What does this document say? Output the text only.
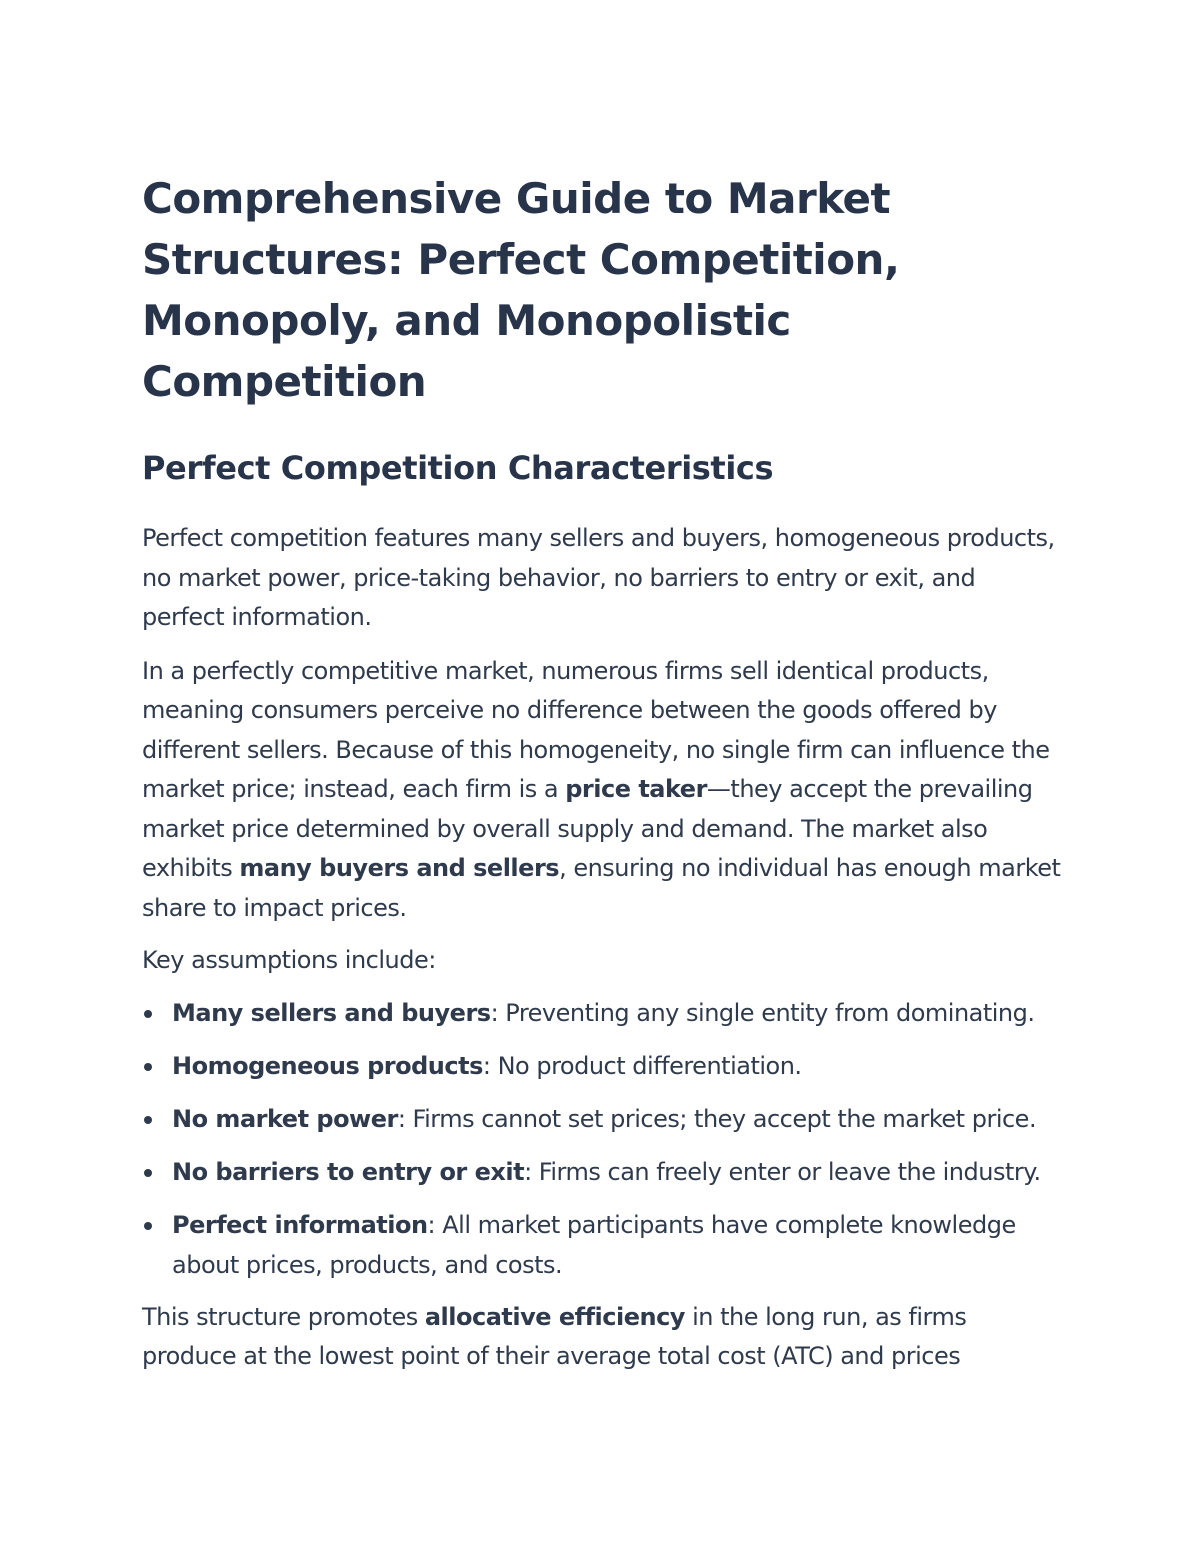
Comprehensive Guide to Market Structures: Perfect Competition, Monopoly, and Monopolistic Competition
Perfect Competition Characteristics

Perfect competition features many sellers and buyers, homogeneous products, no market power, price-taking behavior, no barriers to entry or exit, and perfect information.

In a perfectly competitive market, numerous firms sell identical products, meaning consumers perceive no difference between the goods offered by different sellers. Because of this homogeneity, no single firm can influence the market price; instead, each firm is a price taker—they accept the prevailing market price determined by overall supply and demand. The market also exhibits many buyers and sellers, ensuring no individual has enough market share to impact prices.

Key assumptions include:

Many sellers and buyers: Preventing any single entity from dominating.
Homogeneous products: No product differentiation.
No market power: Firms cannot set prices; they accept the market price.
No barriers to entry or exit: Firms can freely enter or leave the industry.
Perfect information: All market participants have complete knowledge about prices, products, and costs.

This structure promotes allocative efficiency in the long run, as firms produce at the lowest point of their average total cost (ATC) and prices
